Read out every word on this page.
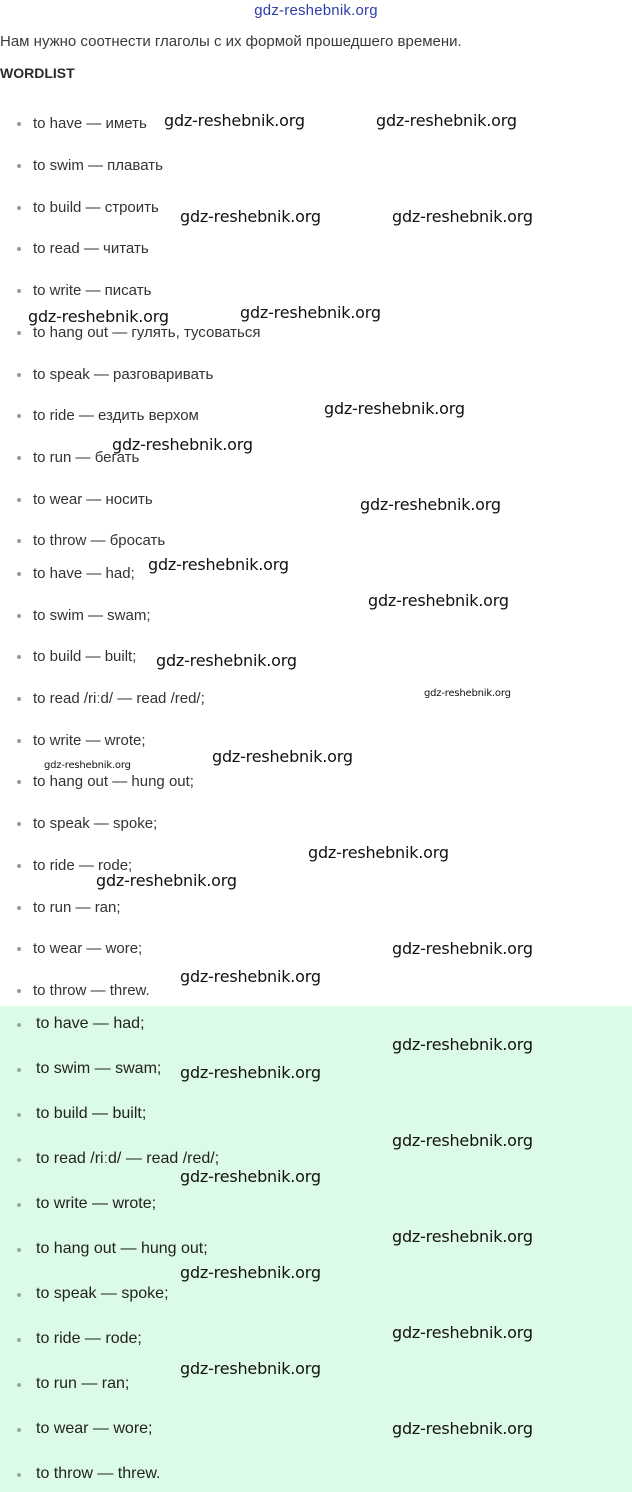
gdz-reshebnik.org
Нам нужно соотнести глаголы с их формой прошедшего времени.
WORDLIST
to have — иметь
to swim — плавать
to build — строить
to read — читать
to write — писать
to hang out — гулять, тусоваться
to speak — разговаривать
to ride — ездить верхом
to run — бегать
to wear — носить
to throw — бросать
to have — had;
to swim — swam;
to build — built;
to read /riːd/ — read /red/;
to write — wrote;
to hang out — hung out;
to speak — spoke;
to ride — rode;
to run — ran;
to wear — wore;
to throw — threw.
to have — had;
to swim — swam;
to build — built;
to read /riːd/ — read /red/;
to write — wrote;
to hang out — hung out;
to speak — spoke;
to ride — rode;
to run — ran;
to wear — wore;
to throw — threw.
gdz-reshebnik.org	gdz-reshebnik.org
gdz-reshebnik.org	gdz-reshebnik.org
gdz-reshebnik.org
gdz-reshebnik.org
gdz-reshebnik.org
gdz-reshebnik.org
gdz-reshebnik.org
gdz-reshebnik.org
gdz-reshebnik.org
gdz-reshebnik.org
gdz-reshebnik.org
gdz-reshebnik.org
gdz-reshebnik.org
gdz-reshebnik.org
gdz-reshebnik.org
gdz-reshebnik.org
gdz-reshebnik.org
gdz-reshebnik.org
gdz-reshebnik.org
gdz-reshebnik.org
gdz-reshebnik.org
gdz-reshebnik.org
gdz-reshebnik.org
gdz-reshebnik.org
gdz-reshebnik.org
gdz-reshebnik.org
